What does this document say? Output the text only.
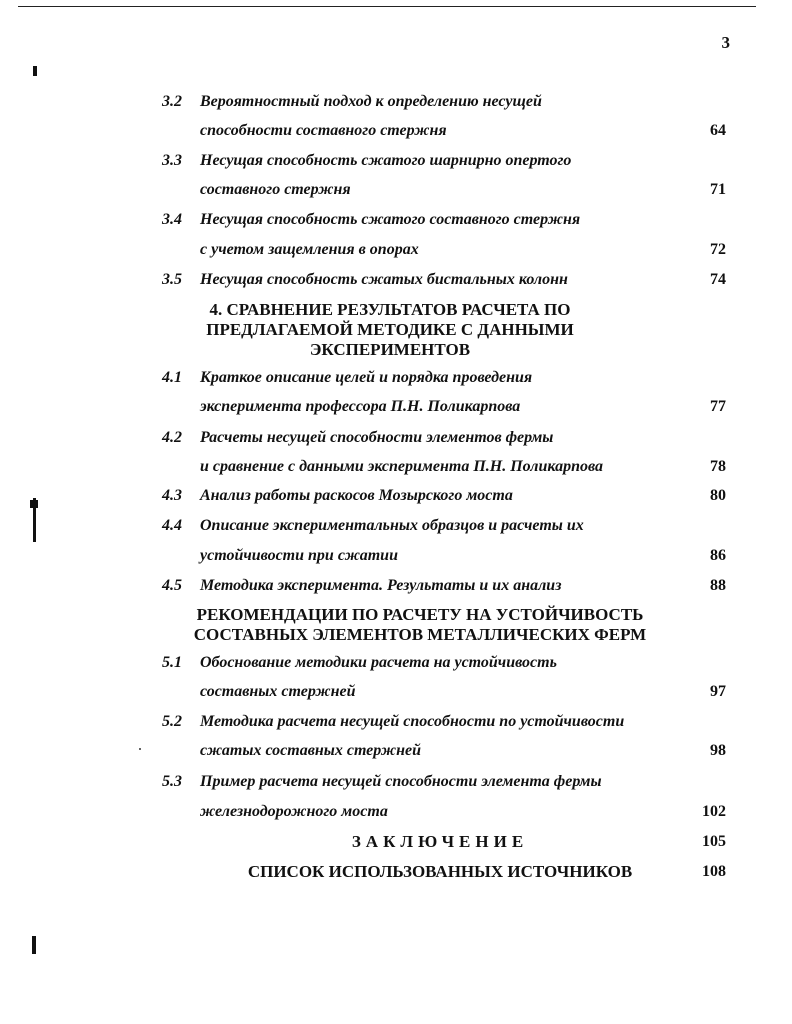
3
3.2 Вероятностный подход к определению несущей
способности составного стержня	64
3.3 Несущая способность сжатого шарнирно опертого
составного стержня	71
3.4 Несущая способность сжатого составного стержня
с учетом защемления в опорах	72
3.5 Несущая способность сжатых бистальных колонн	74
4. СРАВНЕНИЕ РЕЗУЛЬТАТОВ РАСЧЕТА ПО
ПРЕДЛАГАЕМОЙ МЕТОДИКЕ С ДАННЫМИ
ЭКСПЕРИМЕНТОВ
4.1 Краткое описание целей и порядка проведения
эксперимента профессора П.Н. Поликарпова	77
4.2 Расчеты несущей способности элементов фермы
и сравнение с данными эксперимента П.Н. Поликарпова	78
4.3 Анализ работы раскосов Мозырского моста	80
4.4 Описание экспериментальных образцов и расчеты их
устойчивости при сжатии	86
4.5 Методика эксперимента. Результаты и их анализ	88
РЕКОМЕНДАЦИИ ПО РАСЧЕТУ НА УСТОЙЧИВОСТЬ
СОСТАВНЫХ ЭЛЕМЕНТОВ МЕТАЛЛИЧЕСКИХ ФЕРМ
5.1 Обоснование методики расчета на устойчивость
составных стержней	97
5.2 Методика расчета несущей способности по устойчивости
сжатых составных стержней	98
5.3 Пример расчета несущей способности элемента фермы
железнодорожного моста	102
ЗАКЛЮЧЕНИЕ	105
СПИСОК ИСПОЛЬЗОВАННЫХ ИСТОЧНИКОВ	108
